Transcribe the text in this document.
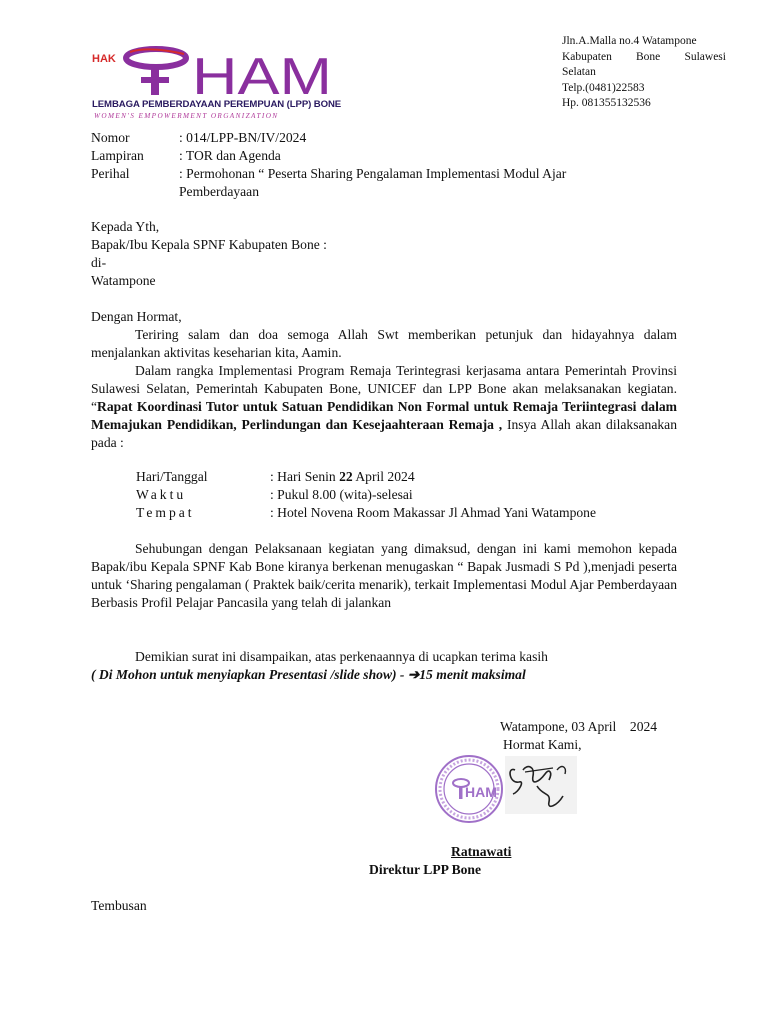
HAK HAM
LEMBAGA PEMBERDAYAAN PEREMPUAN (LPP) BONE
WOMEN'S EMPOWERMENT ORGANIZATION
Jln.A.Malla no.4 Watampone
Kabupaten Bone Sulawesi
Selatan
Telp.(0481)22583
Hp. 081355132536
Nomor	: 014/LPP-BN/IV/2024
Lampiran	: TOR dan Agenda
Perihal	: Permohonan “ Peserta Sharing Pengalaman Implementasi Modul Ajar
Pemberdayaan
Kepada Yth,
Bapak/Ibu Kepala SPNF Kabupaten Bone :
di-
Watampone

Dengan Hormat,

Teriring salam dan doa semoga Allah Swt memberikan petunjuk dan hidayahnya dalam menjalankan aktivitas keseharian kita, Aamin.

Dalam rangka Implementasi Program Remaja Terintegrasi kerjasama antara Pemerintah Provinsi Sulawesi Selatan, Pemerintah Kabupaten Bone, UNICEF dan LPP Bone akan melaksanakan kegiatan. “Rapat Koordinasi Tutor untuk Satuan Pendidikan Non Formal untuk Remaja Teriintegrasi dalam Memajukan Pendidikan, Perlindungan dan Kesejaahteraan Remaja , Insya Allah akan dilaksanakan pada :

Hari/Tanggal	: Hari Senin 22 April 2024
Waktu	: Pukul 8.00 (wita)-selesai
Tempat	: Hotel Novena Room Makassar Jl Ahmad Yani Watampone

Sehubungan dengan Pelaksanaan kegiatan yang dimaksud, dengan ini kami memohon kepada Bapak/ibu Kepala SPNF Kab Bone kiranya berkenan menugaskan “ Bapak Jusmadi S Pd ),menjadi peserta untuk ‘Sharing pengalaman ( Praktek baik/cerita menarik), terkait Implementasi Modul Ajar Pemberdayaan Berbasis Profil Pelajar Pancasila yang telah di jalankan

Demikian surat ini disampaikan, atas perkenaannya di ucapkan terima kasih
( Di Mohon untuk menyiapkan Presentasi /slide show) - ➔15 menit maksimal
Watampone, 03 April    2024
Hormat Kami,
HAM
Ratnawati
Direktur LPP Bone
Tembusan
